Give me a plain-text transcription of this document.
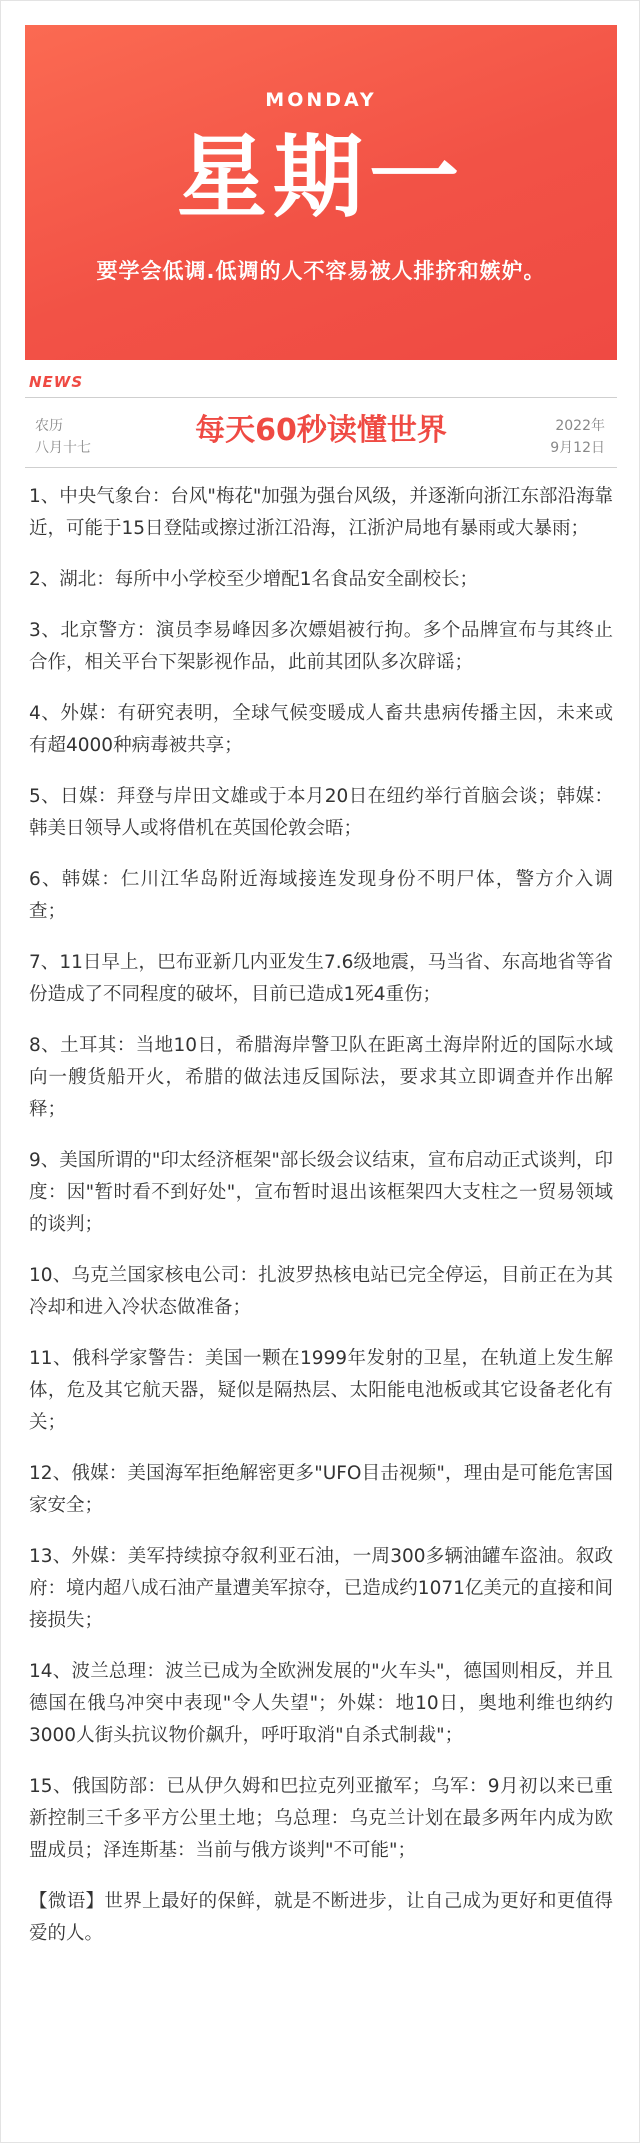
MONDAY
星期一
要学会低调.低调的人不容易被人排挤和嫉妒。
NEWS
农历
八月十七	每天60秒读懂世界	2022年
9月12日

1、中央气象台：台风"梅花"加强为强台风级，并逐渐向浙江东部沿海靠近，可能于15日登陆或擦过浙江沿海，江浙沪局地有暴雨或大暴雨；

2、湖北：每所中小学校至少增配1名食品安全副校长；

3、北京警方：演员李易峰因多次嫖娼被行拘。多个品牌宣布与其终止合作，相关平台下架影视作品，此前其团队多次辟谣；

4、外媒：有研究表明，全球气候变暖成人畜共患病传播主因，未来或有超4000种病毒被共享；

5、日媒：拜登与岸田文雄或于本月20日在纽约举行首脑会谈；韩媒：韩美日领导人或将借机在英国伦敦会晤；

6、韩媒：仁川江华岛附近海域接连发现身份不明尸体，警方介入调查；

7、11日早上，巴布亚新几内亚发生7.6级地震，马当省、东高地省等省份造成了不同程度的破坏，目前已造成1死4重伤；

8、土耳其：当地10日，希腊海岸警卫队在距离土海岸附近的国际水域向一艘货船开火，希腊的做法违反国际法，要求其立即调查并作出解释；

9、美国所谓的"印太经济框架"部长级会议结束，宣布启动正式谈判，印度：因"暂时看不到好处"，宣布暂时退出该框架四大支柱之一贸易领域的谈判；

10、乌克兰国家核电公司：扎波罗热核电站已完全停运，目前正在为其冷却和进入冷状态做准备；

11、俄科学家警告：美国一颗在1999年发射的卫星，在轨道上发生解体，危及其它航天器，疑似是隔热层、太阳能电池板或其它设备老化有关；

12、俄媒：美国海军拒绝解密更多"UFO目击视频"，理由是可能危害国家安全；

13、外媒：美军持续掠夺叙利亚石油，一周300多辆油罐车盗油。叙政府：境内超八成石油产量遭美军掠夺，已造成约1071亿美元的直接和间接损失；

14、波兰总理：波兰已成为全欧洲发展的"火车头"，德国则相反，并且德国在俄乌冲突中表现"令人失望"；外媒：地10日，奥地利维也纳约3000人街头抗议物价飙升，呼吁取消"自杀式制裁"；

15、俄国防部：已从伊久姆和巴拉克列亚撤军；乌军：9月初以来已重新控制三千多平方公里土地；乌总理：乌克兰计划在最多两年内成为欧盟成员；泽连斯基：当前与俄方谈判"不可能"；

【微语】世界上最好的保鲜，就是不断进步，让自己成为更好和更值得爱的人。
